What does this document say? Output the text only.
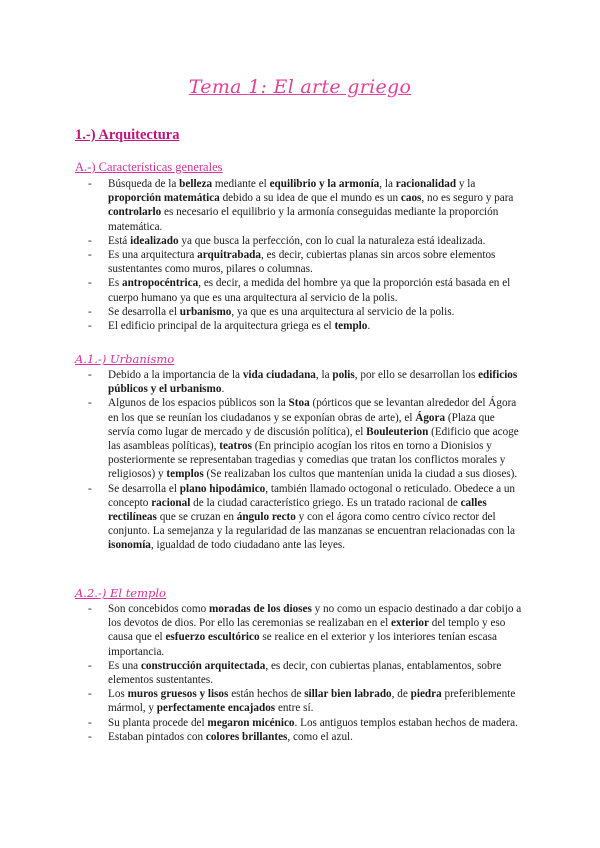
Tema 1: El arte griego
1.-) Arquitectura
A.-) Características generales
- Búsqueda de la belleza mediante el equilibrio y la armonía, la racionalidad y la proporción matemática debido a su idea de que el mundo es un caos, no es seguro y para controlarlo es necesario el equilibrio y la armonía conseguidas mediante la proporción matemática.
- Está idealizado ya que busca la perfección, con lo cual la naturaleza está idealizada.
- Es una arquitectura arquitrabada, es decir, cubiertas planas sin arcos sobre elementos sustentantes como muros, pilares o columnas.
- Es antropocéntrica, es decir, a medida del hombre ya que la proporción está basada en el cuerpo humano ya que es una arquitectura al servicio de la polis.
- Se desarrolla el urbanismo, ya que es una arquitectura al servicio de la polis.
- El edificio principal de la arquitectura griega es el templo.
A.1.-) Urbanismo
- Debido a la importancia de la vida ciudadana, la polis, por ello se desarrollan los edificios públicos y el urbanismo.
- Algunos de los espacios públicos son la Stoa (pórticos que se levantan alrededor del Ágora en los que se reunían los ciudadanos y se exponían obras de arte), el Ágora (Plaza que servía como lugar de mercado y de discusión política), el Bouleuterion (Edificio que acoge las asambleas políticas), teatros (En principio acogían los ritos en torno a Dionisios y posteriormente se representaban tragedias y comedias que tratan los conflictos morales y religiosos) y templos (Se realizaban los cultos que mantenían unida la ciudad a sus dioses).
- Se desarrolla el plano hipodámico, también llamado octogonal o reticulado. Obedece a un concepto racional de la ciudad característico griego. Es un tratado racional de calles rectilíneas que se cruzan en ángulo recto y con el ágora como centro cívico rector del conjunto. La semejanza y la regularidad de las manzanas se encuentran relacionadas con la isonomía, igualdad de todo ciudadano ante las leyes.
A.2.-) El templo
- Son concebidos como moradas de los dioses y no como un espacio destinado a dar cobijo a los devotos de dios. Por ello las ceremonias se realizaban en el exterior del templo y eso causa que el esfuerzo escultórico se realice en el exterior y los interiores tenían escasa importancia.
- Es una construcción arquitectada, es decir, con cubiertas planas, entablamentos, sobre elementos sustentantes.
- Los muros gruesos y lisos están hechos de sillar bien labrado, de piedra preferiblemente mármol, y perfectamente encajados entre sí.
- Su planta procede del megaron micénico. Los antiguos templos estaban hechos de madera.
- Estaban pintados con colores brillantes, como el azul.
